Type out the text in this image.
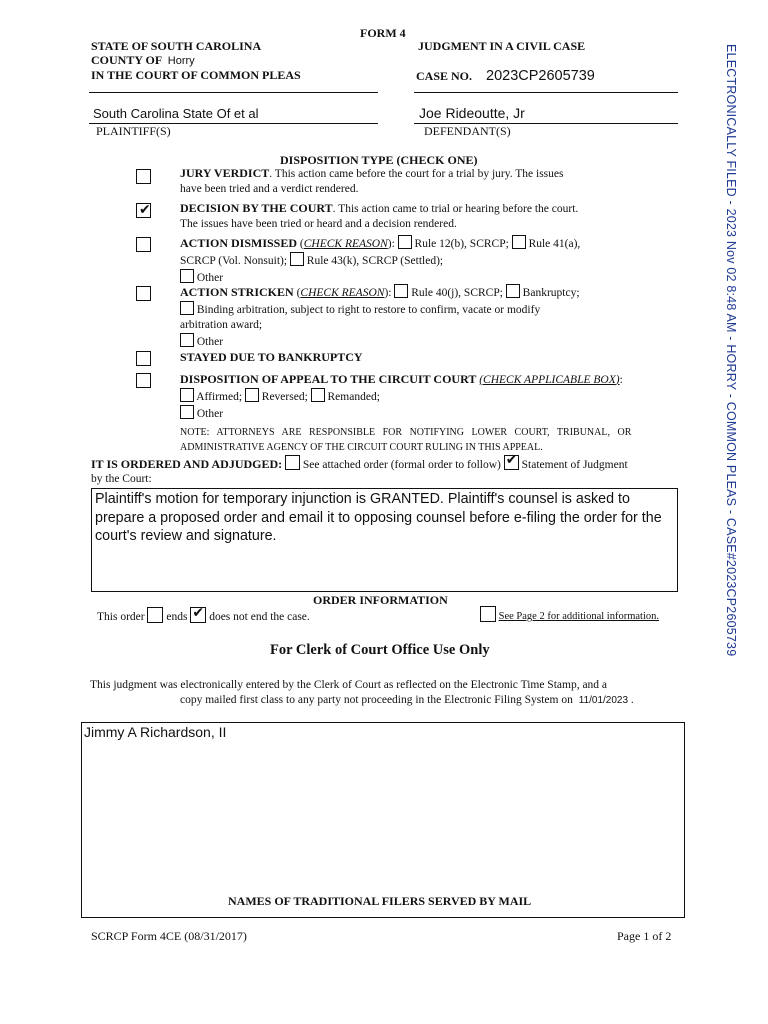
FORM 4
STATE OF SOUTH CAROLINA
COUNTY OF Horry
IN THE COURT OF COMMON PLEAS
JUDGMENT IN A CIVIL CASE
CASE NO. 2023CP2605739
South Carolina State Of et al
PLAINTIFF(S)
Joe Rideoutte, Jr
DEFENDANT(S)
DISPOSITION TYPE (CHECK ONE)
JURY VERDICT. This action came before the court for a trial by jury. The issues
have been tried and a verdict rendered.
✔ DECISION BY THE COURT. This action came to trial or hearing before the court.
The issues have been tried or heard and a decision rendered.
ACTION DISMISSED (CHECK REASON):  Rule 12(b), SCRCP; Rule 41(a),
SCRCP (Vol. Nonsuit); Rule 43(k), SCRCP (Settled);
Other
ACTION STRICKEN (CHECK REASON):  Rule 40(j), SCRCP; Bankruptcy;
Binding arbitration, subject to right to restore to confirm, vacate or modify
arbitration award;
Other
STAYED DUE TO BANKRUPTCY
DISPOSITION OF APPEAL TO THE CIRCUIT COURT (CHECK APPLICABLE BOX):
Affirmed; Reversed; Remanded;
Other
NOTE:   ATTORNEYS   ARE   RESPONSIBLE   FOR   NOTIFYING   LOWER   COURT,   TRIBUNAL,   OR
ADMINISTRATIVE AGENCY OF THE CIRCUIT COURT RULING IN THIS APPEAL.
IT IS ORDERED AND ADJUDGED: See attached order (formal order to follow) ✔ Statement of Judgment
by the Court:
Plaintiff's motion for temporary injunction is GRANTED. Plaintiff's counsel is asked to prepare a proposed order and email it to opposing counsel before e-filing the order for the court's review and signature.
ORDER INFORMATION
This order ends ✔ does not end the case.	See Page 2 for additional information.
For Clerk of Court Office Use Only
This judgment was electronically entered by the Clerk of Court as reflected on the Electronic Time Stamp, and a
copy mailed first class to any party not proceeding in the Electronic Filing System on 11/01/2023 .
Jimmy A Richardson, II
NAMES OF TRADITIONAL FILERS SERVED BY MAIL
SCRCP Form 4CE (08/31/2017)	Page 1 of 2
ELECTRONICALLY FILED - 2023 Nov 02 8:48 AM - HORRY - COMMON PLEAS - CASE#2023CP2605739
